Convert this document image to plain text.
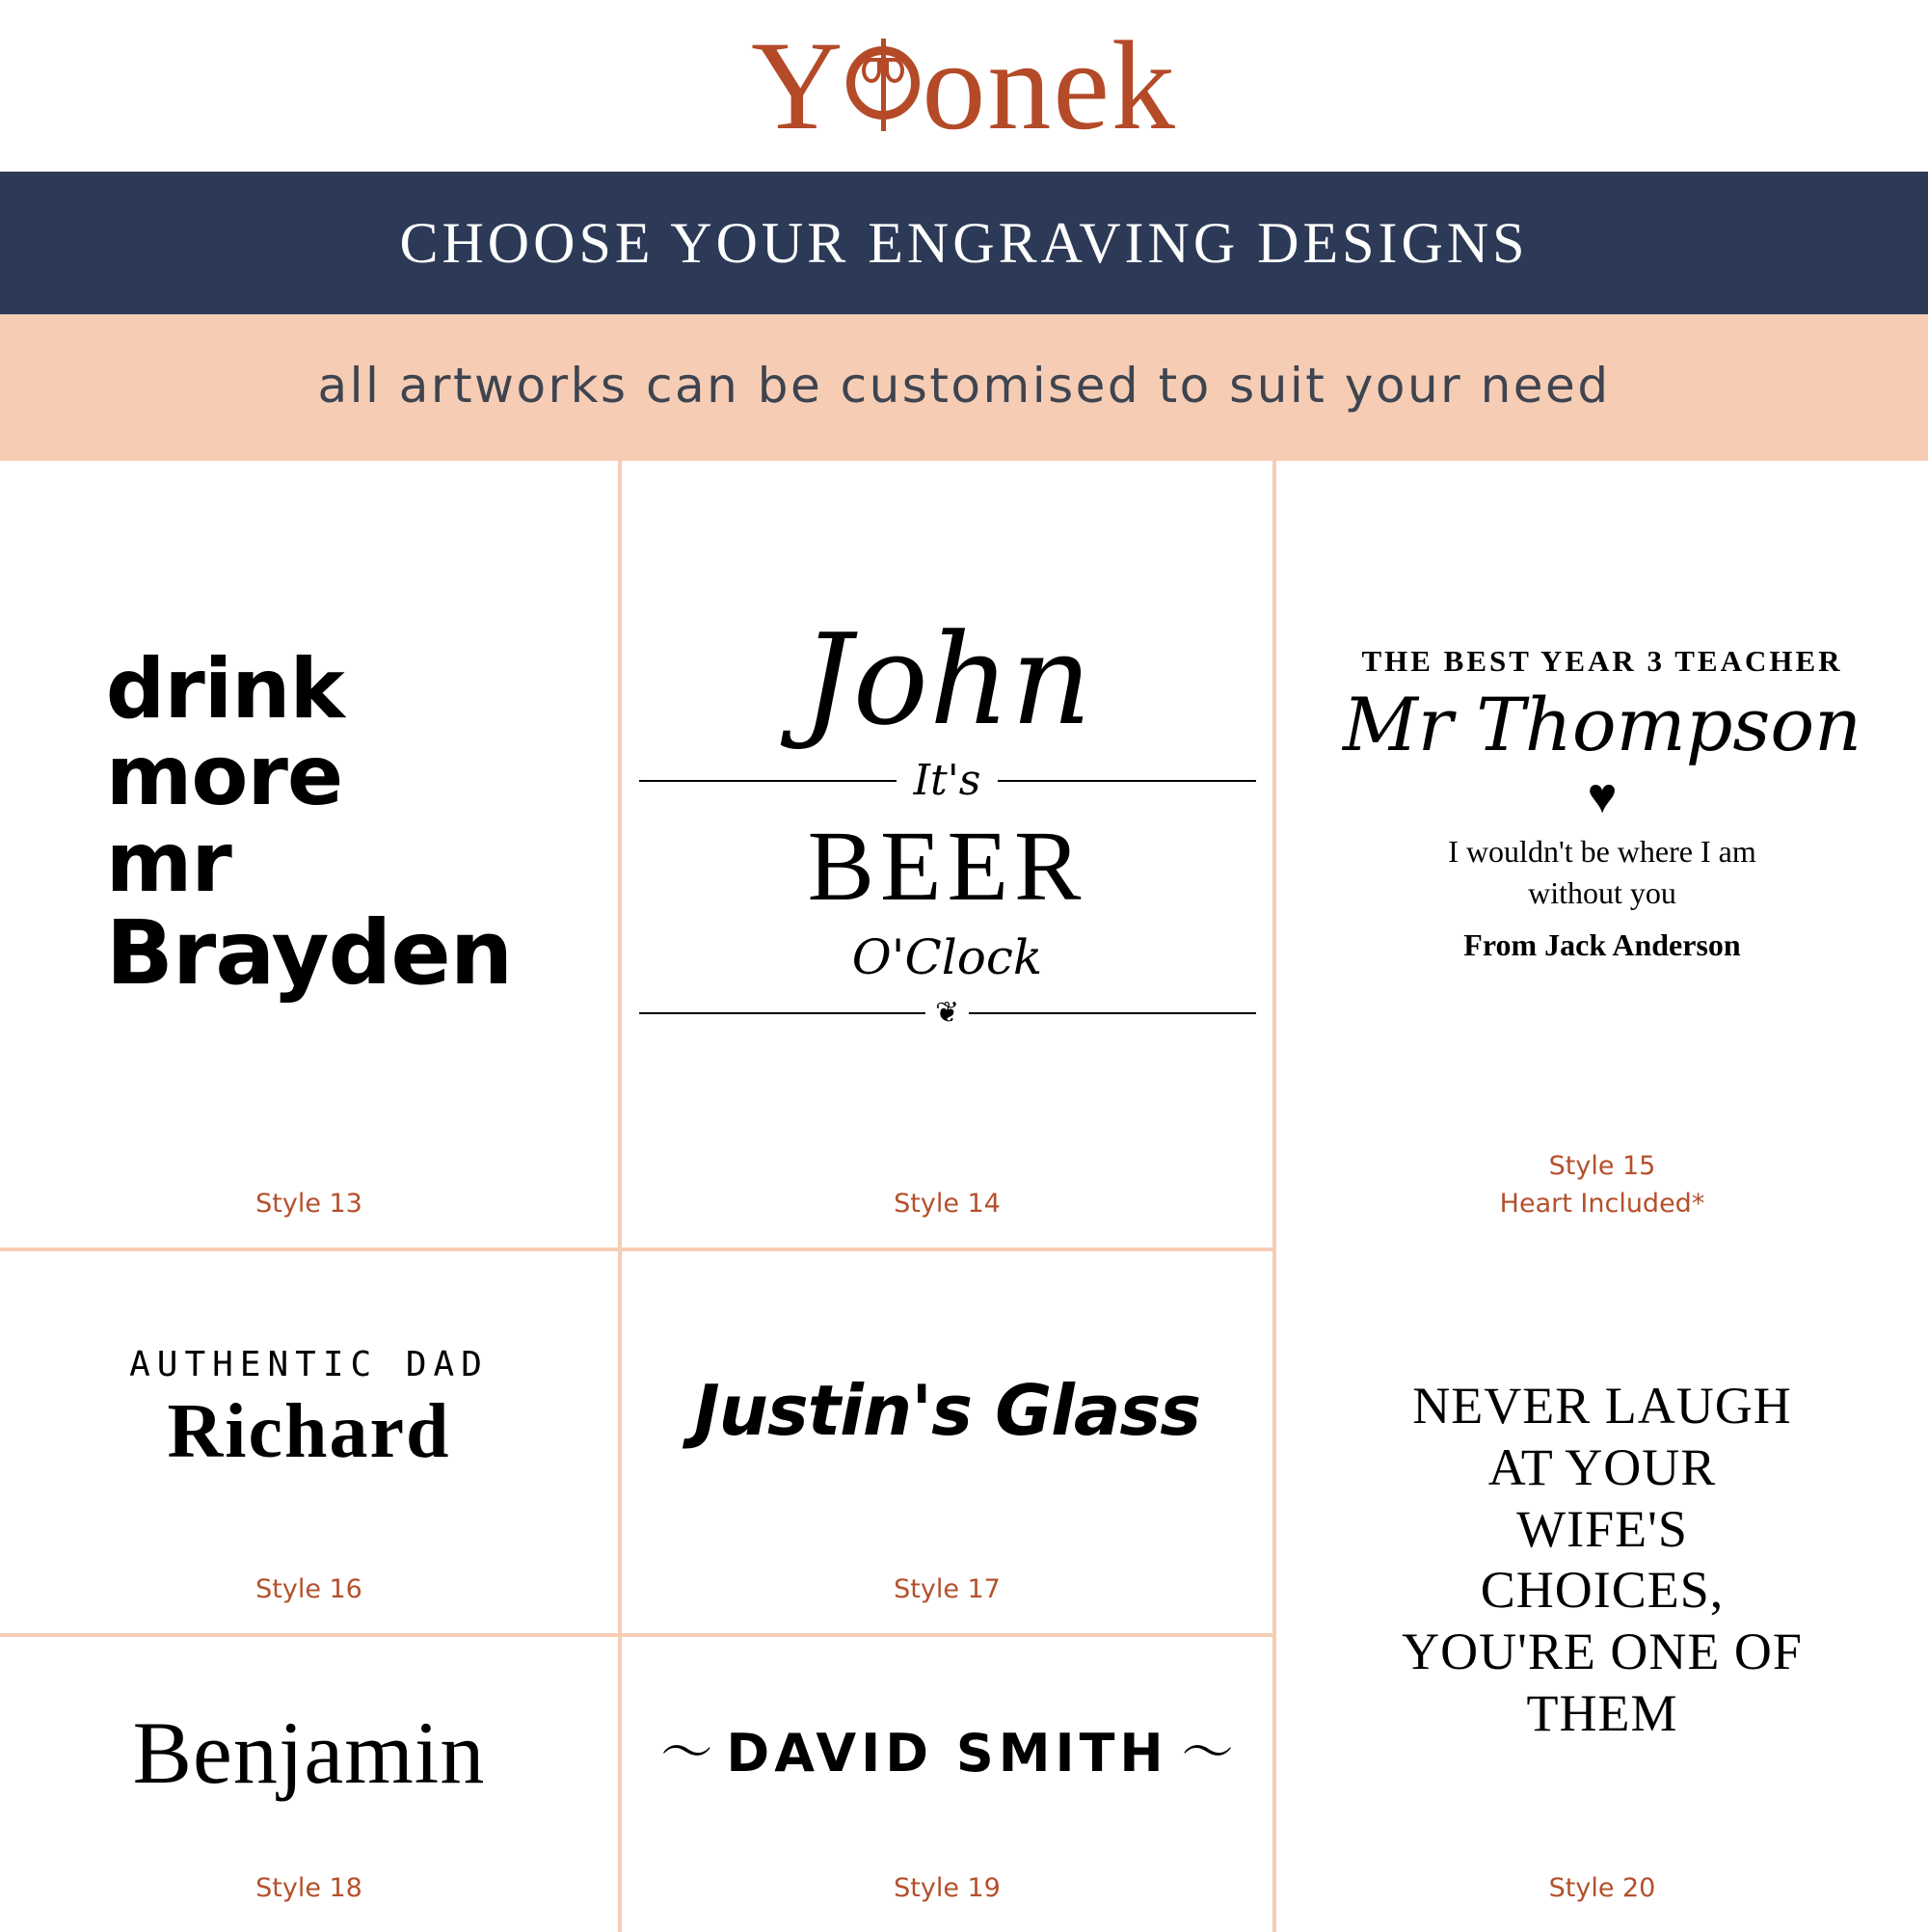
Y onek
CHOOSE YOUR ENGRAVING DESIGNS
all artworks can be customised to suit your need
drink
more
mr
Brayden
Style 13
John
It's
BEER
O'Clock
❦
Style 14
THE BEST YEAR 3 TEACHER
Mr Thompson
♥
I wouldn't be where I am
without you
From Jack Anderson
Style 15
Heart Included*
AUTHENTIC DAD
Richard
Style 16
Justin's Glass
Style 17
Benjamin
Style 18
〜 DAVID SMITH 〜
Style 19
NEVER LAUGH
AT YOUR
WIFE'S
CHOICES,
YOU'RE ONE OF
THEM
Style 20
